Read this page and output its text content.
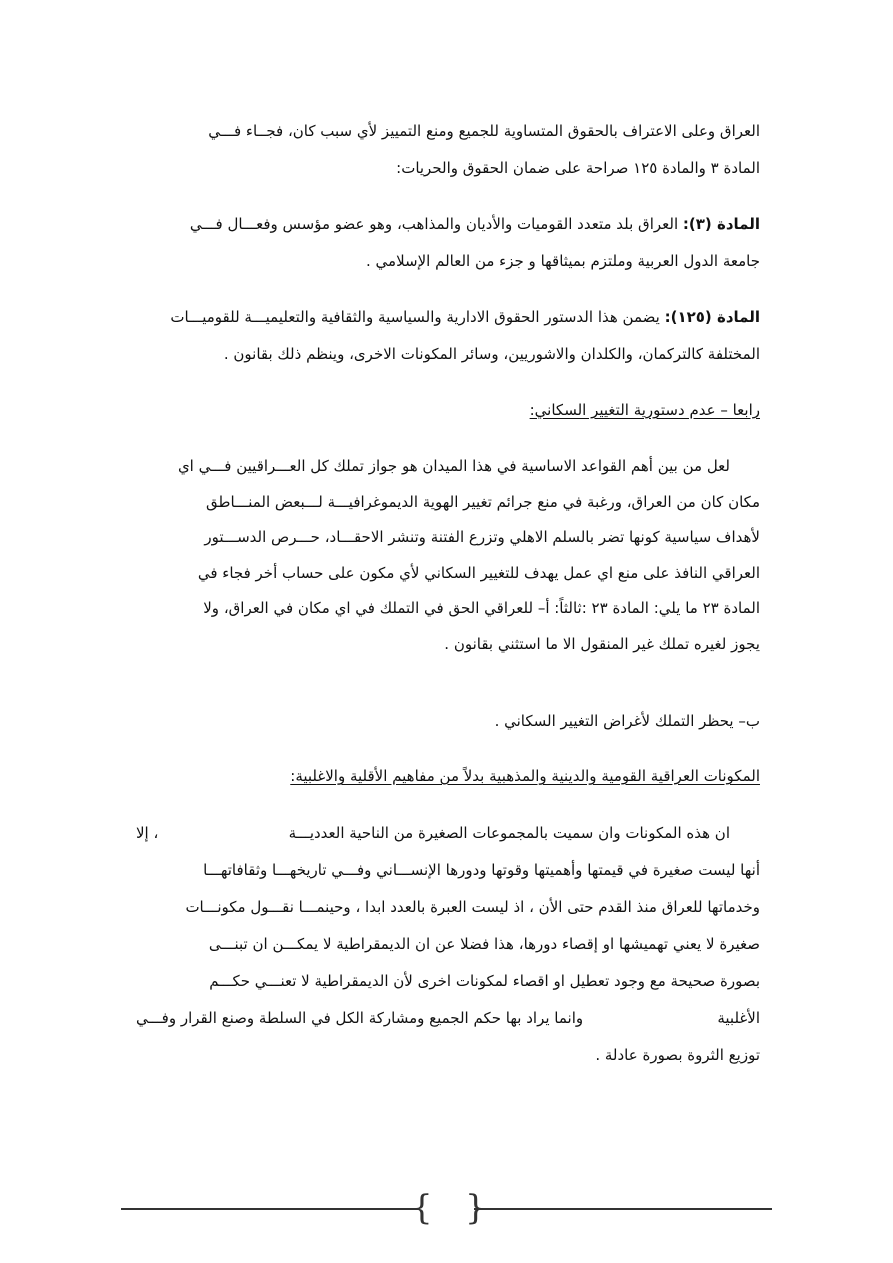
العراق وعلى الاعتراف بالحقوق المتساوية للجميع ومنع التمييز لأي سبب كان، فجــاء فـــي

المادة ٣ والمادة ١٢٥ صراحة على ضمان الحقوق والحريات:

المادة (٣): العراق بلد متعدد القوميات والأديان والمذاهب، وهو عضو مؤسس وفعـــال فـــي

جامعة الدول العربية وملتزم بميثاقها و جزء من العالم الإسلامي .

المادة (١٢٥): يضمن هذا الدستور الحقوق الادارية والسياسية والثقافية والتعليميـــة للقوميـــات

المختلفة كالتركمان، والكلدان والاشوريين، وسائر المكونات الاخرى، وينظم ذلك بقانون .

رابعا – عدم دستورية التغيير السكاني:

لعل من بين أهم القواعد الاساسية في هذا الميدان هو جواز تملك كل العـــراقيين فـــي اي

مكان كان من العراق، ورغبة في منع جرائم تغيير الهوية الديموغرافيـــة لـــبعض المنـــاطق

لأهداف سياسية كونها تضر بالسلم الاهلي وتزرع الفتنة وتنشر الاحقـــاد، حـــرص الدســـتور

العراقي النافذ على منع اي عمل يهدف للتغيير السكاني لأي مكون على حساب أخر فجاء في

المادة ٢٣ ما يلي: المادة ٢٣ :ثالثاً: أ– للعراقي الحق في التملك في اي مكان في العراق، ولا

يجوز لغيره تملك غير المنقول الا ما استثني بقانون .

ب– يحظر التملك لأغراض التغيير السكاني .

المكونات العراقية القومية والدينية والمذهبية بدلاً من مفاهيم الأقلية والاغلبية:

ان هذه المكونات وان سميت بالمجموعات الصغيرة من الناحية العدديـــة
، إلا

أنها ليست صغيرة في قيمتها وأهميتها وقوتها ودورها الإنســـاني وفـــي تاريخهـــا وثقافاتهـــا

وخدماتها للعراق منذ القدم حتى الأن ، اذ ليست العبرة بالعدد ابدا ، وحينمـــا نقـــول مكونـــات

صغيرة لا يعني تهميشها او إقصاء دورها، هذا فضلا عن ان الديمقراطية لا يمكـــن ان تبنـــى

بصورة صحيحة مع وجود تعطيل او اقصاء لمكونات اخرى لأن الديمقراطية لا تعنـــي حكـــم

الأغلبية
وانما يراد بها حكم الجميع ومشاركة الكل في السلطة وصنع القرار وفـــي

توزيع الثروة بصورة عادلة .

{ }
